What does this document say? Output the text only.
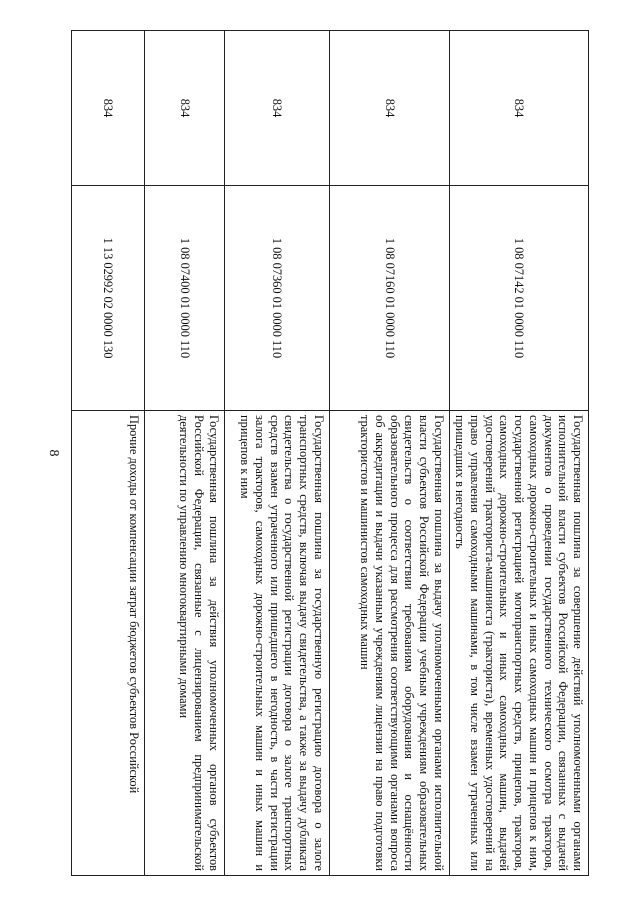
8
834	1 08 07142 01 0000 110	Государственная пошлина за совершение действий уполномоченными органами исполнительной власти субъектов Российской Федерации, связанных с выдачей документов о проведении государственного технического осмотра тракторов, самоходных дорожно-строительных и иных самоходных машин и прицепов к ним, государственной регистрацией мотопранспортных средств, прицепов, тракторов, самоходных дорожно-строительных и иных самоходных машин, выдачей удостоверений тракториста-машиниста (тракториста), временных удостоверений на право управления самоходными машинами, в том числе взамен утраченных или пришедших в негодность
834	1 08 07160 01 0000 110	Государственная пошлина за выдачу уполномоченными органами исполнительной власти субъектов Российской Федерации учебным учреждениям образовательных свидетельств о соответствии требованиям оборудования и оснащённости образовательного процесса для рассмотрения соответствующими органами вопроса об аккредитации и выдачи указанным учреждениям лицензии на право подготовки трактористов и машинистов самоходных машин
834	1 08 07360 01 0000 110	Государственная пошлина за государственную регистрацию договора о залоге транспортных средств, включая выдачу свидетельства, а также за выдачу дубликата свидетельства о государственной регистрации договора о залоге транспортных средств взамен утраченного или пришедшего в негодность, в части регистрации залога тракторов, самоходных дорожно-строительных машин и иных машин и прицепов к ним
834	1 08 07400 01 0000 110	Государственная пошлина за действия уполномоченных органов субъектов Российской Федерации, связанные с лицензированием предпринимательской деятельности по управлению многоквартирными домами
834	1 13 02992 02 0000 130	Прочие доходы от компенсации затрат бюджетов субъектов Российской
